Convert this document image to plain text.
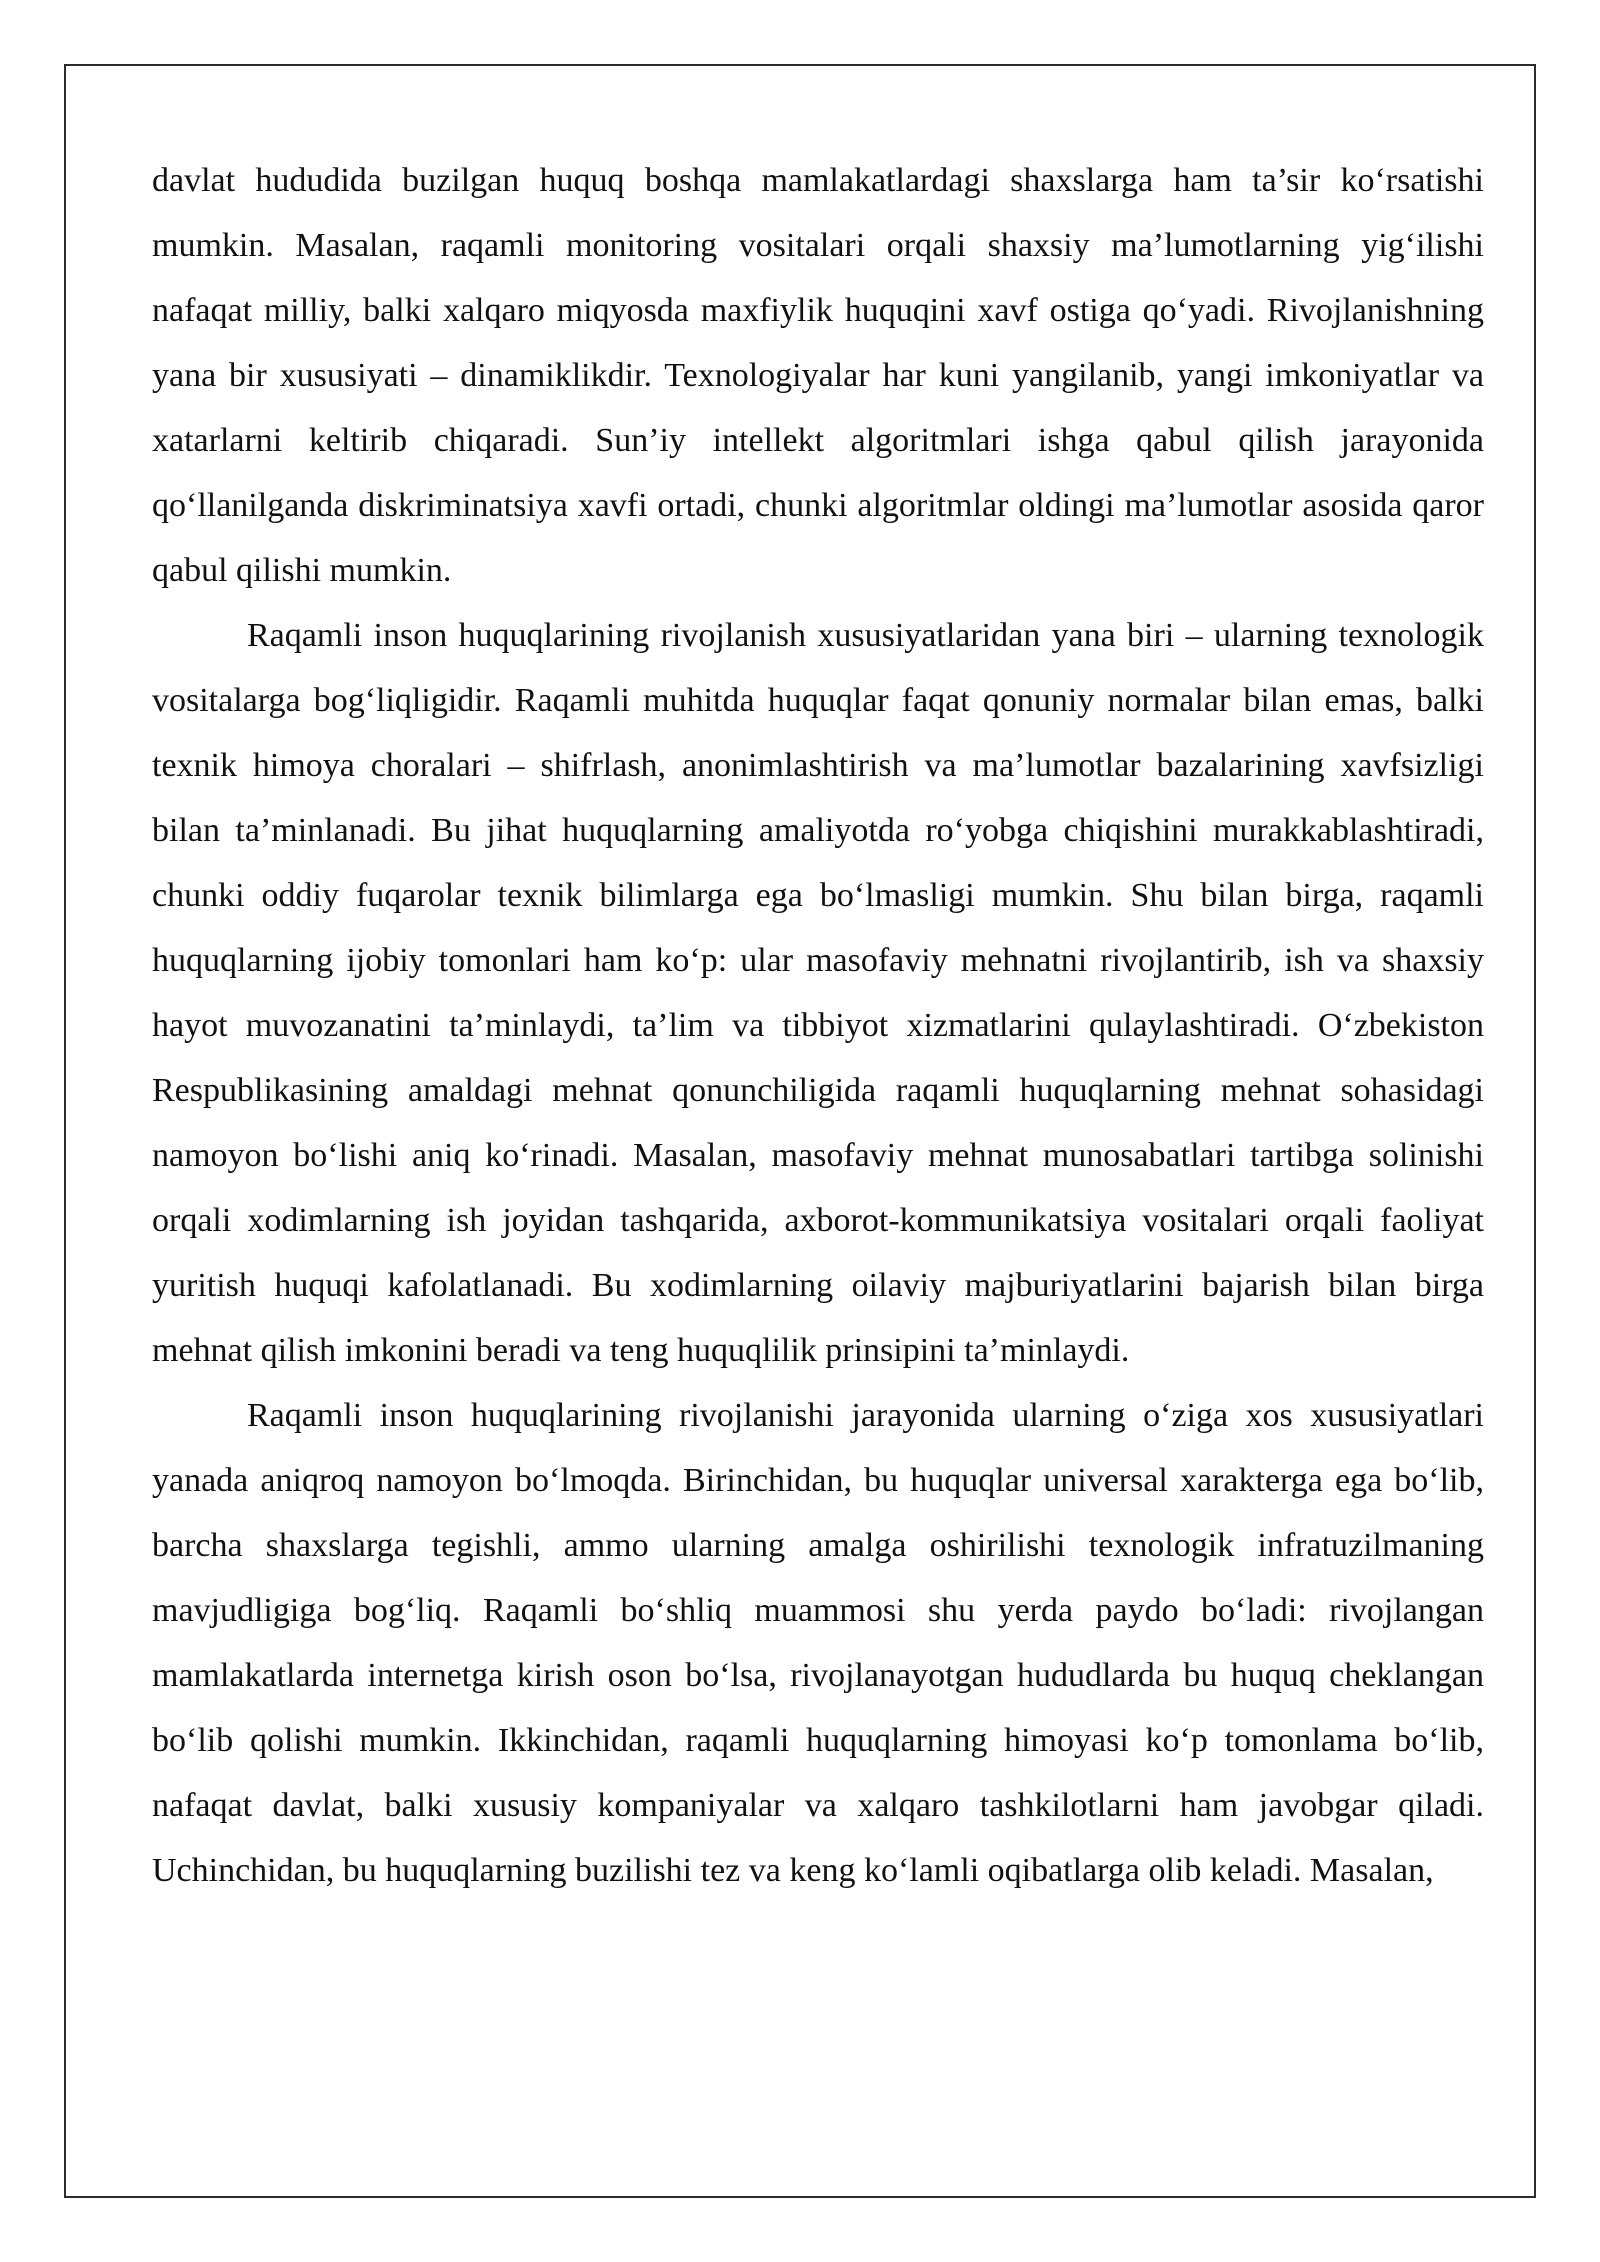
davlat hududida buzilgan huquq boshqa mamlakatlardagi shaxslarga ham ta’sir ko‘rsatishi mumkin. Masalan, raqamli monitoring vositalari orqali shaxsiy ma’lumotlarning yig‘ilishi nafaqat milliy, balki xalqaro miqyosda maxfiylik huquqini xavf ostiga qo‘yadi. Rivojlanishning yana bir xususiyati – dinamiklikdir. Texnologiyalar har kuni yangilanib, yangi imkoniyatlar va xatarlarni keltirib chiqaradi. Sun’iy intellekt algoritmlari ishga qabul qilish jarayonida qo‘llanilganda diskriminatsiya xavfi ortadi, chunki algoritmlar oldingi ma’lumotlar asosida qaror qabul qilishi mumkin.

Raqamli inson huquqlarining rivojlanish xususiyatlaridan yana biri – ularning texnologik vositalarga bog‘liqligidir. Raqamli muhitda huquqlar faqat qonuniy normalar bilan emas, balki texnik himoya choralari – shifrlash, anonimlashtirish va ma’lumotlar bazalarining xavfsizligi bilan ta’minlanadi. Bu jihat huquqlarning amaliyotda ro‘yobga chiqishini murakkablashtiradi, chunki oddiy fuqarolar texnik bilimlarga ega bo‘lmasligi mumkin. Shu bilan birga, raqamli huquqlarning ijobiy tomonlari ham ko‘p: ular masofaviy mehnatni rivojlantirib, ish va shaxsiy hayot muvozanatini ta’minlaydi, ta’lim va tibbiyot xizmatlarini qulaylashtiradi. O‘zbekiston Respublikasining amaldagi mehnat qonunchiligida raqamli huquqlarning mehnat sohasidagi namoyon bo‘lishi aniq ko‘rinadi. Masalan, masofaviy mehnat munosabatlari tartibga solinishi orqali xodimlarning ish joyidan tashqarida, axborot-kommunikatsiya vositalari orqali faoliyat yuritish huquqi kafolatlanadi. Bu xodimlarning oilaviy majburiyatlarini bajarish bilan birga mehnat qilish imkonini beradi va teng huquqlilik prinsipini ta’minlaydi.

Raqamli inson huquqlarining rivojlanishi jarayonida ularning o‘ziga xos xususiyatlari yanada aniqroq namoyon bo‘lmoqda. Birinchidan, bu huquqlar universal xarakterga ega bo‘lib, barcha shaxslarga tegishli, ammo ularning amalga oshirilishi texnologik infratuzilmaning mavjudligiga bog‘liq. Raqamli bo‘shliq muammosi shu yerda paydo bo‘ladi: rivojlangan mamlakatlarda internetga kirish oson bo‘lsa, rivojlanayotgan hududlarda bu huquq cheklangan bo‘lib qolishi mumkin. Ikkinchidan, raqamli huquqlarning himoyasi ko‘p tomonlama bo‘lib, nafaqat davlat, balki xususiy kompaniyalar va xalqaro tashkilotlarni ham javobgar qiladi. Uchinchidan, bu huquqlarning buzilishi tez va keng ko‘lamli oqibatlarga olib keladi. Masalan,
